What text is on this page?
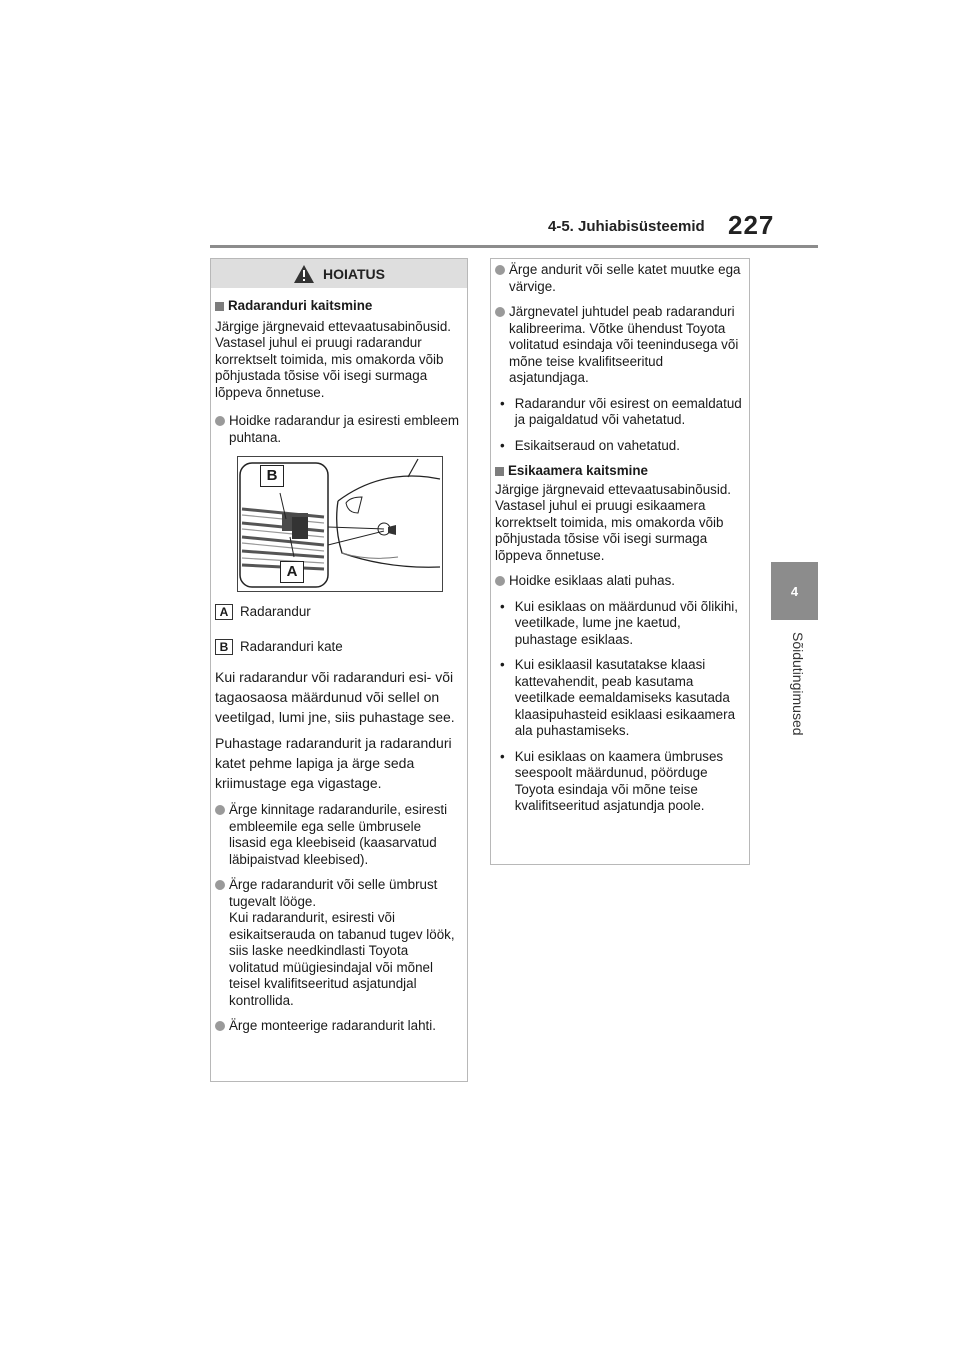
4-5. Juhiabisüsteemid 227
4
Sõidutingimused
HOIATUS
Radaranduri kaitsmine

Järgige järgnevaid ettevaatusabinõusid.
Vastasel juhul ei pruugi radarandur korrektselt toimida, mis omakorda võib põhjustada tõsise või isegi surmaga lõppeva õnnetuse.

Hoidke radarandur ja esiresti embleem puhtana.
B
A
A Radarandur
B Radaranduri kate

Kui radarandur või radaranduri esi- või tagaosaosa määrdunud või sellel on veetilgad, lumi jne, siis puhastage see.

Puhastage radarandurit ja radaranduri katet pehme lapiga ja ärge seda kriimustage ega vigastage.

Ärge kinnitage radarandurile, esiresti embleemile ega selle ümbrusele lisasid ega kleebiseid (kaasarvatud läbipaistvad kleebised).
Ärge radarandurit või selle ümbrust tugevalt lööge.
Kui radarandurit, esiresti või esikaitserauda on tabanud tugev löök, siis laske needkindlasti Toyota volitatud müügiesindajal või mõnel teisel kvalifitseeritud asjatundjal kontrollida.
Ärge monteerige radarandurit lahti.
Ärge andurit või selle katet muutke ega värvige.
Järgnevatel juhtudel peab radaranduri kalibreerima. Võtke ühendust Toyota volitatud esindaja või teenindusega või mõne teise kvalifitseeritud asjatundjaga.
• Radarandur või esirest on eemaldatud ja paigaldatud või vahetatud.
• Esikaitseraud on vahetatud.
Esikaamera kaitsmine

Järgige järgnevaid ettevaatusabinõusid.
Vastasel juhul ei pruugi esikaamera korrektselt toimida, mis omakorda võib põhjustada tõsise või isegi surmaga lõppeva õnnetuse.

Hoidke esiklaas alati puhas.
• Kui esiklaas on määrdunud või õlikihi, veetilkade, lume jne kaetud, puhastage esiklaas.
• Kui esiklaasil kasutatakse klaasi kattevahendit, peab kasutama veetilkade eemaldamiseks kasutada klaasipuhasteid esiklaasi esikaamera ala puhastamiseks.
• Kui esiklaas on kaamera ümbruses seespoolt määrdunud, pöörduge Toyota esindaja või mõne teise kvalifitseeritud asjatundja poole.
